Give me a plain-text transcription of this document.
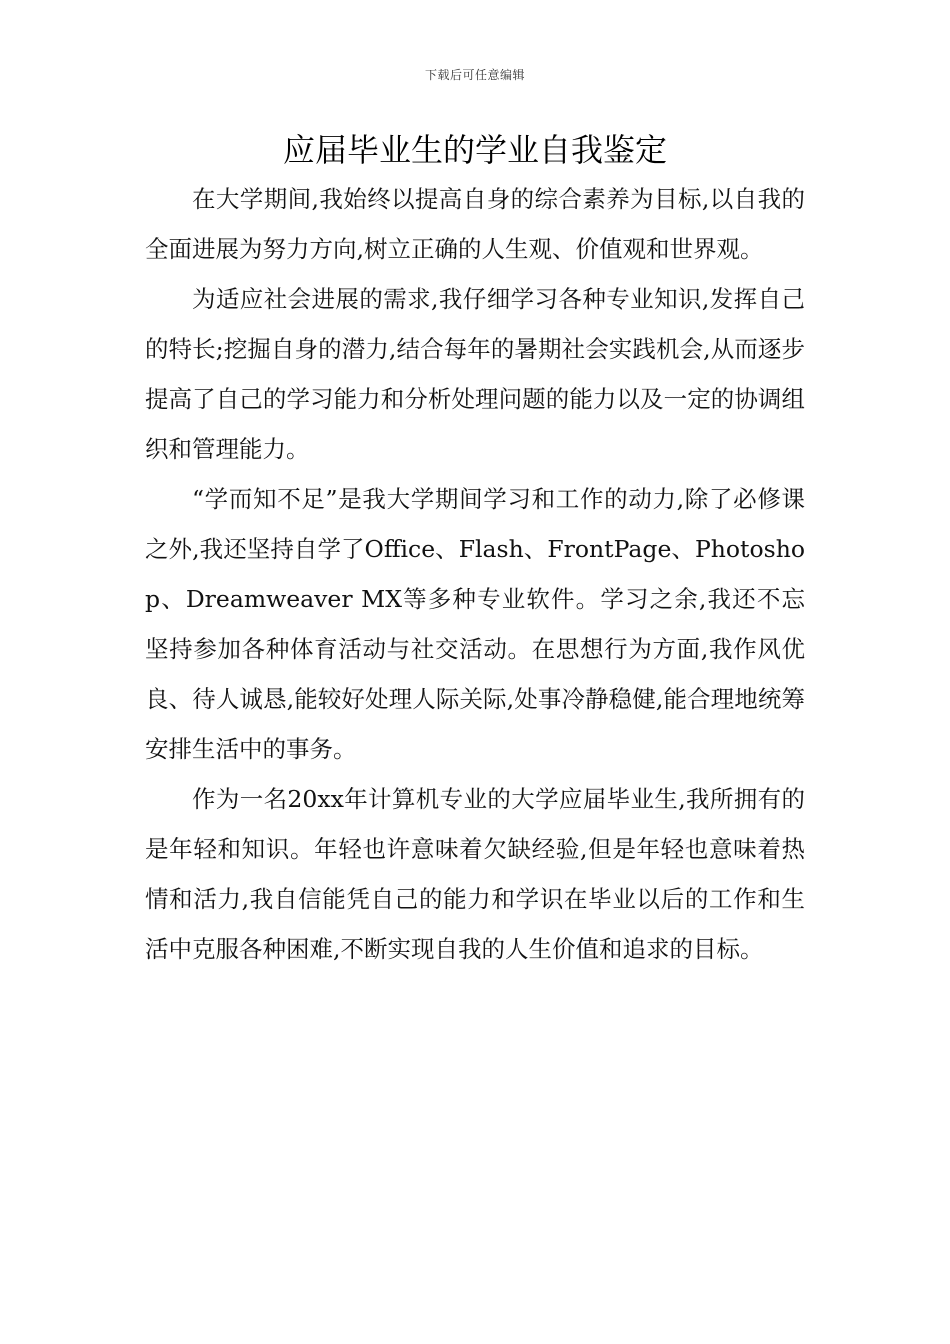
下载后可任意编辑
应届毕业生的学业自我鉴定

在大学期间,我始终以提高自身的综合素养为目标,以自我的全面进展为努力方向,树立正确的人生观、价值观和世界观。

为适应社会进展的需求,我仔细学习各种专业知识,发挥自己的特长;挖掘自身的潜力,结合每年的暑期社会实践机会,从而逐步提高了自己的学习能力和分析处理问题的能力以及一定的协调组织和管理能力。

“学而知不足”是我大学期间学习和工作的动力,除了必修课之外,我还坚持自学了Office、Flash、FrontPage、Photoshop、Dreamweaver MX等多种专业软件。学习之余,我还不忘坚持参加各种体育活动与社交活动。在思想行为方面,我作风优良、待人诚恳,能较好处理人际关际,处事冷静稳健,能合理地统筹安排生活中的事务。

作为一名20xx年计算机专业的大学应届毕业生,我所拥有的是年轻和知识。年轻也许意味着欠缺经验,但是年轻也意味着热情和活力,我自信能凭自己的能力和学识在毕业以后的工作和生活中克服各种困难,不断实现自我的人生价值和追求的目标。
